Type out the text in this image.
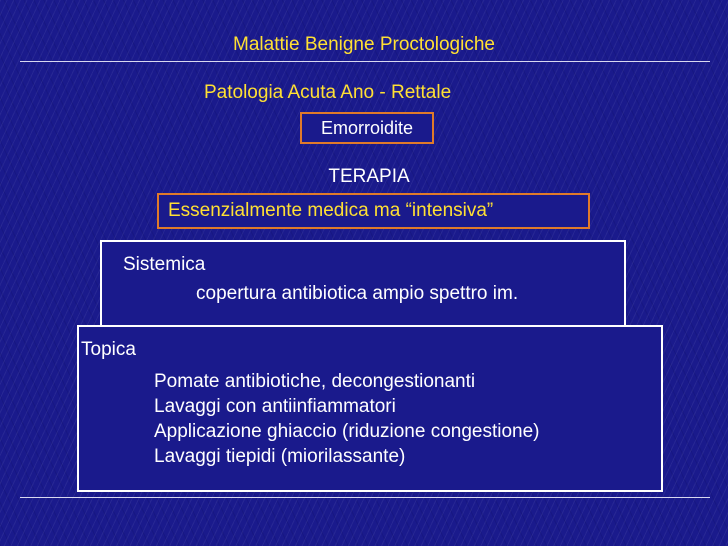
Malattie Benigne Proctologiche
Patologia Acuta Ano - Rettale
Emorroidite
TERAPIA
Essenzialmente medica ma “intensiva”
Sistemica
copertura antibiotica ampio spettro im.
Topica
Pomate antibiotiche, decongestionanti
Lavaggi con antiinfiammatori
Applicazione ghiaccio (riduzione congestione)
Lavaggi tiepidi (miorilassante)
